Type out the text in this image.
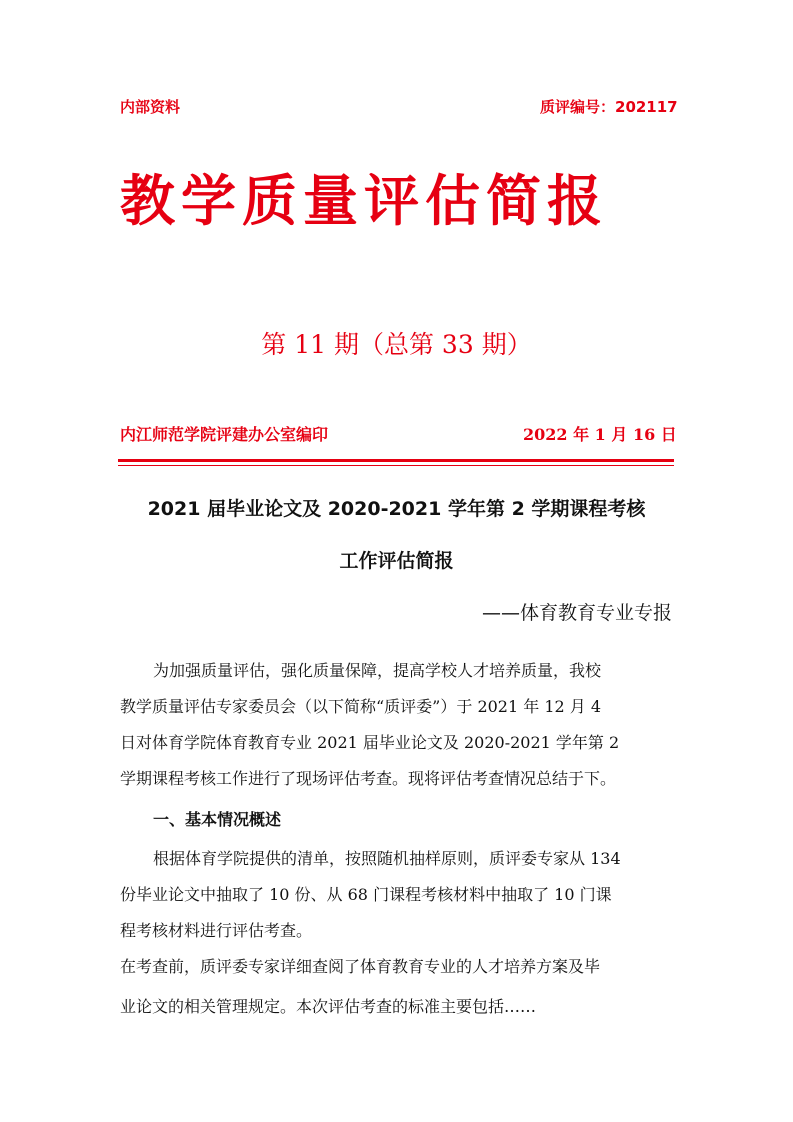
内部资料	质评编号：202117
教学质量评估简报
第 11 期（总第 33 期）
内江师范学院评建办公室编印	2022 年 1 月 16 日
2021 届毕业论文及 2020-2021 学年第 2 学期课程考核
工作评估简报
——体育教育专业专报
为加强质量评估，强化质量保障，提高学校人才培养质量，我校
教学质量评估专家委员会（以下简称“质评委”）于 2021 年 12 月 4
日对体育学院体育教育专业 2021 届毕业论文及 2020-2021 学年第 2
学期课程考核工作进行了现场评估考查。现将评估考查情况总结于下。
一、基本情况概述
根据体育学院提供的清单，按照随机抽样原则，质评委专家从 134
份毕业论文中抽取了 10 份、从 68 门课程考核材料中抽取了 10 门课
程考核材料进行评估考查。
在考查前，质评委专家详细查阅了体育教育专业的人才培养方案及毕
业论文的相关管理规定。本次评估考查的标准主要包括……
